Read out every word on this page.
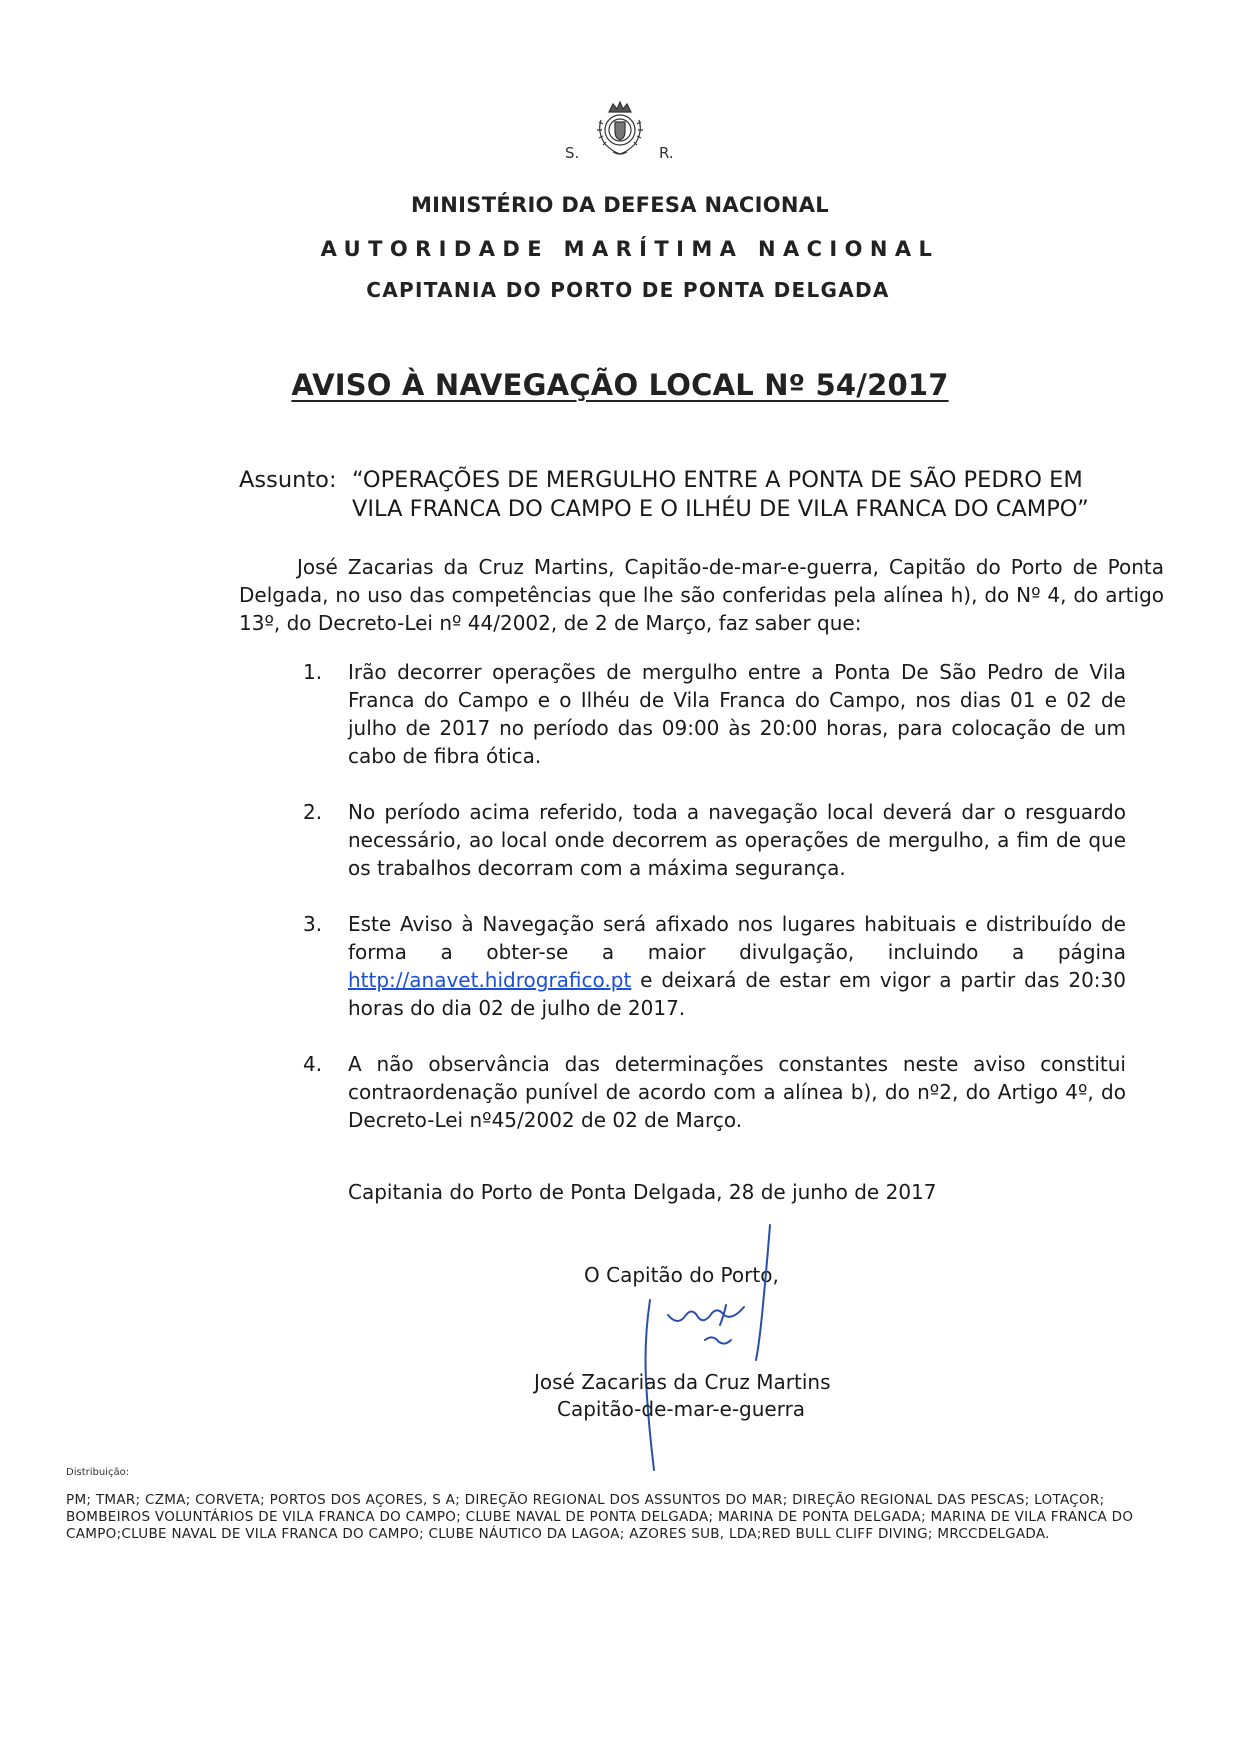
S.	R.
MINISTÉRIO DA DEFESA NACIONAL
AUTORIDADE MARÍTIMA NACIONAL
CAPITANIA DO PORTO DE PONTA DELGADA
AVISO À NAVEGAÇÃO LOCAL Nº 54/2017
Assunto: “OPERAÇÕES DE MERGULHO ENTRE A PONTA DE SÃO PEDRO EM
VILA FRANCA DO CAMPO E O ILHÉU DE VILA FRANCA DO CAMPO”

José Zacarias da Cruz Martins, Capitão-de-mar-e-guerra, Capitão do Porto de Ponta Delgada, no uso das competências que lhe são conferidas pela alínea h), do Nº 4, do artigo 13º, do Decreto-Lei nº 44/2002, de 2 de Março, faz saber que:

1. Irão decorrer operações de mergulho entre a Ponta De São Pedro de Vila Franca do Campo e o Ilhéu de Vila Franca do Campo, nos dias 01 e 02 de julho de 2017 no período das 09:00 às 20:00 horas, para colocação de um cabo de fibra ótica.
2. No período acima referido, toda a navegação local deverá dar o resguardo necessário, ao local onde decorrem as operações de mergulho, a fim de que os trabalhos decorram com a máxima segurança.
3. Este Aviso à Navegação será afixado nos lugares habituais e distribuído de forma a obter-se a maior divulgação, incluindo a página http://anavet.hidrografico.pt e deixará de estar em vigor a partir das 20:30 horas do dia 02 de julho de 2017.
4. A não observância das determinações constantes neste aviso constitui contraordenação punível de acordo com a alínea b), do nº2, do Artigo 4º, do Decreto-Lei nº45/2002 de 02 de Março.
Capitania do Porto de Ponta Delgada, 28 de junho de 2017
O Capitão do Porto,
José Zacarias da Cruz Martins
Capitão-de-mar-e-guerra
Distribuição:
PM; TMAR; CZMA; CORVETA; PORTOS DOS AÇORES, S A; DIREÇÃO REGIONAL DOS ASSUNTOS DO MAR; DIREÇÃO REGIONAL DAS PESCAS; LOTAÇOR; BOMBEIROS VOLUNTÁRIOS DE VILA FRANCA DO CAMPO; CLUBE NAVAL DE PONTA DELGADA; MARINA DE PONTA DELGADA; MARINA DE VILA FRANCA DO CAMPO;CLUBE NAVAL DE VILA FRANCA DO CAMPO; CLUBE NÁUTICO DA LAGOA; AZORES SUB, LDA;RED BULL CLIFF DIVING; MRCCDELGADA.
